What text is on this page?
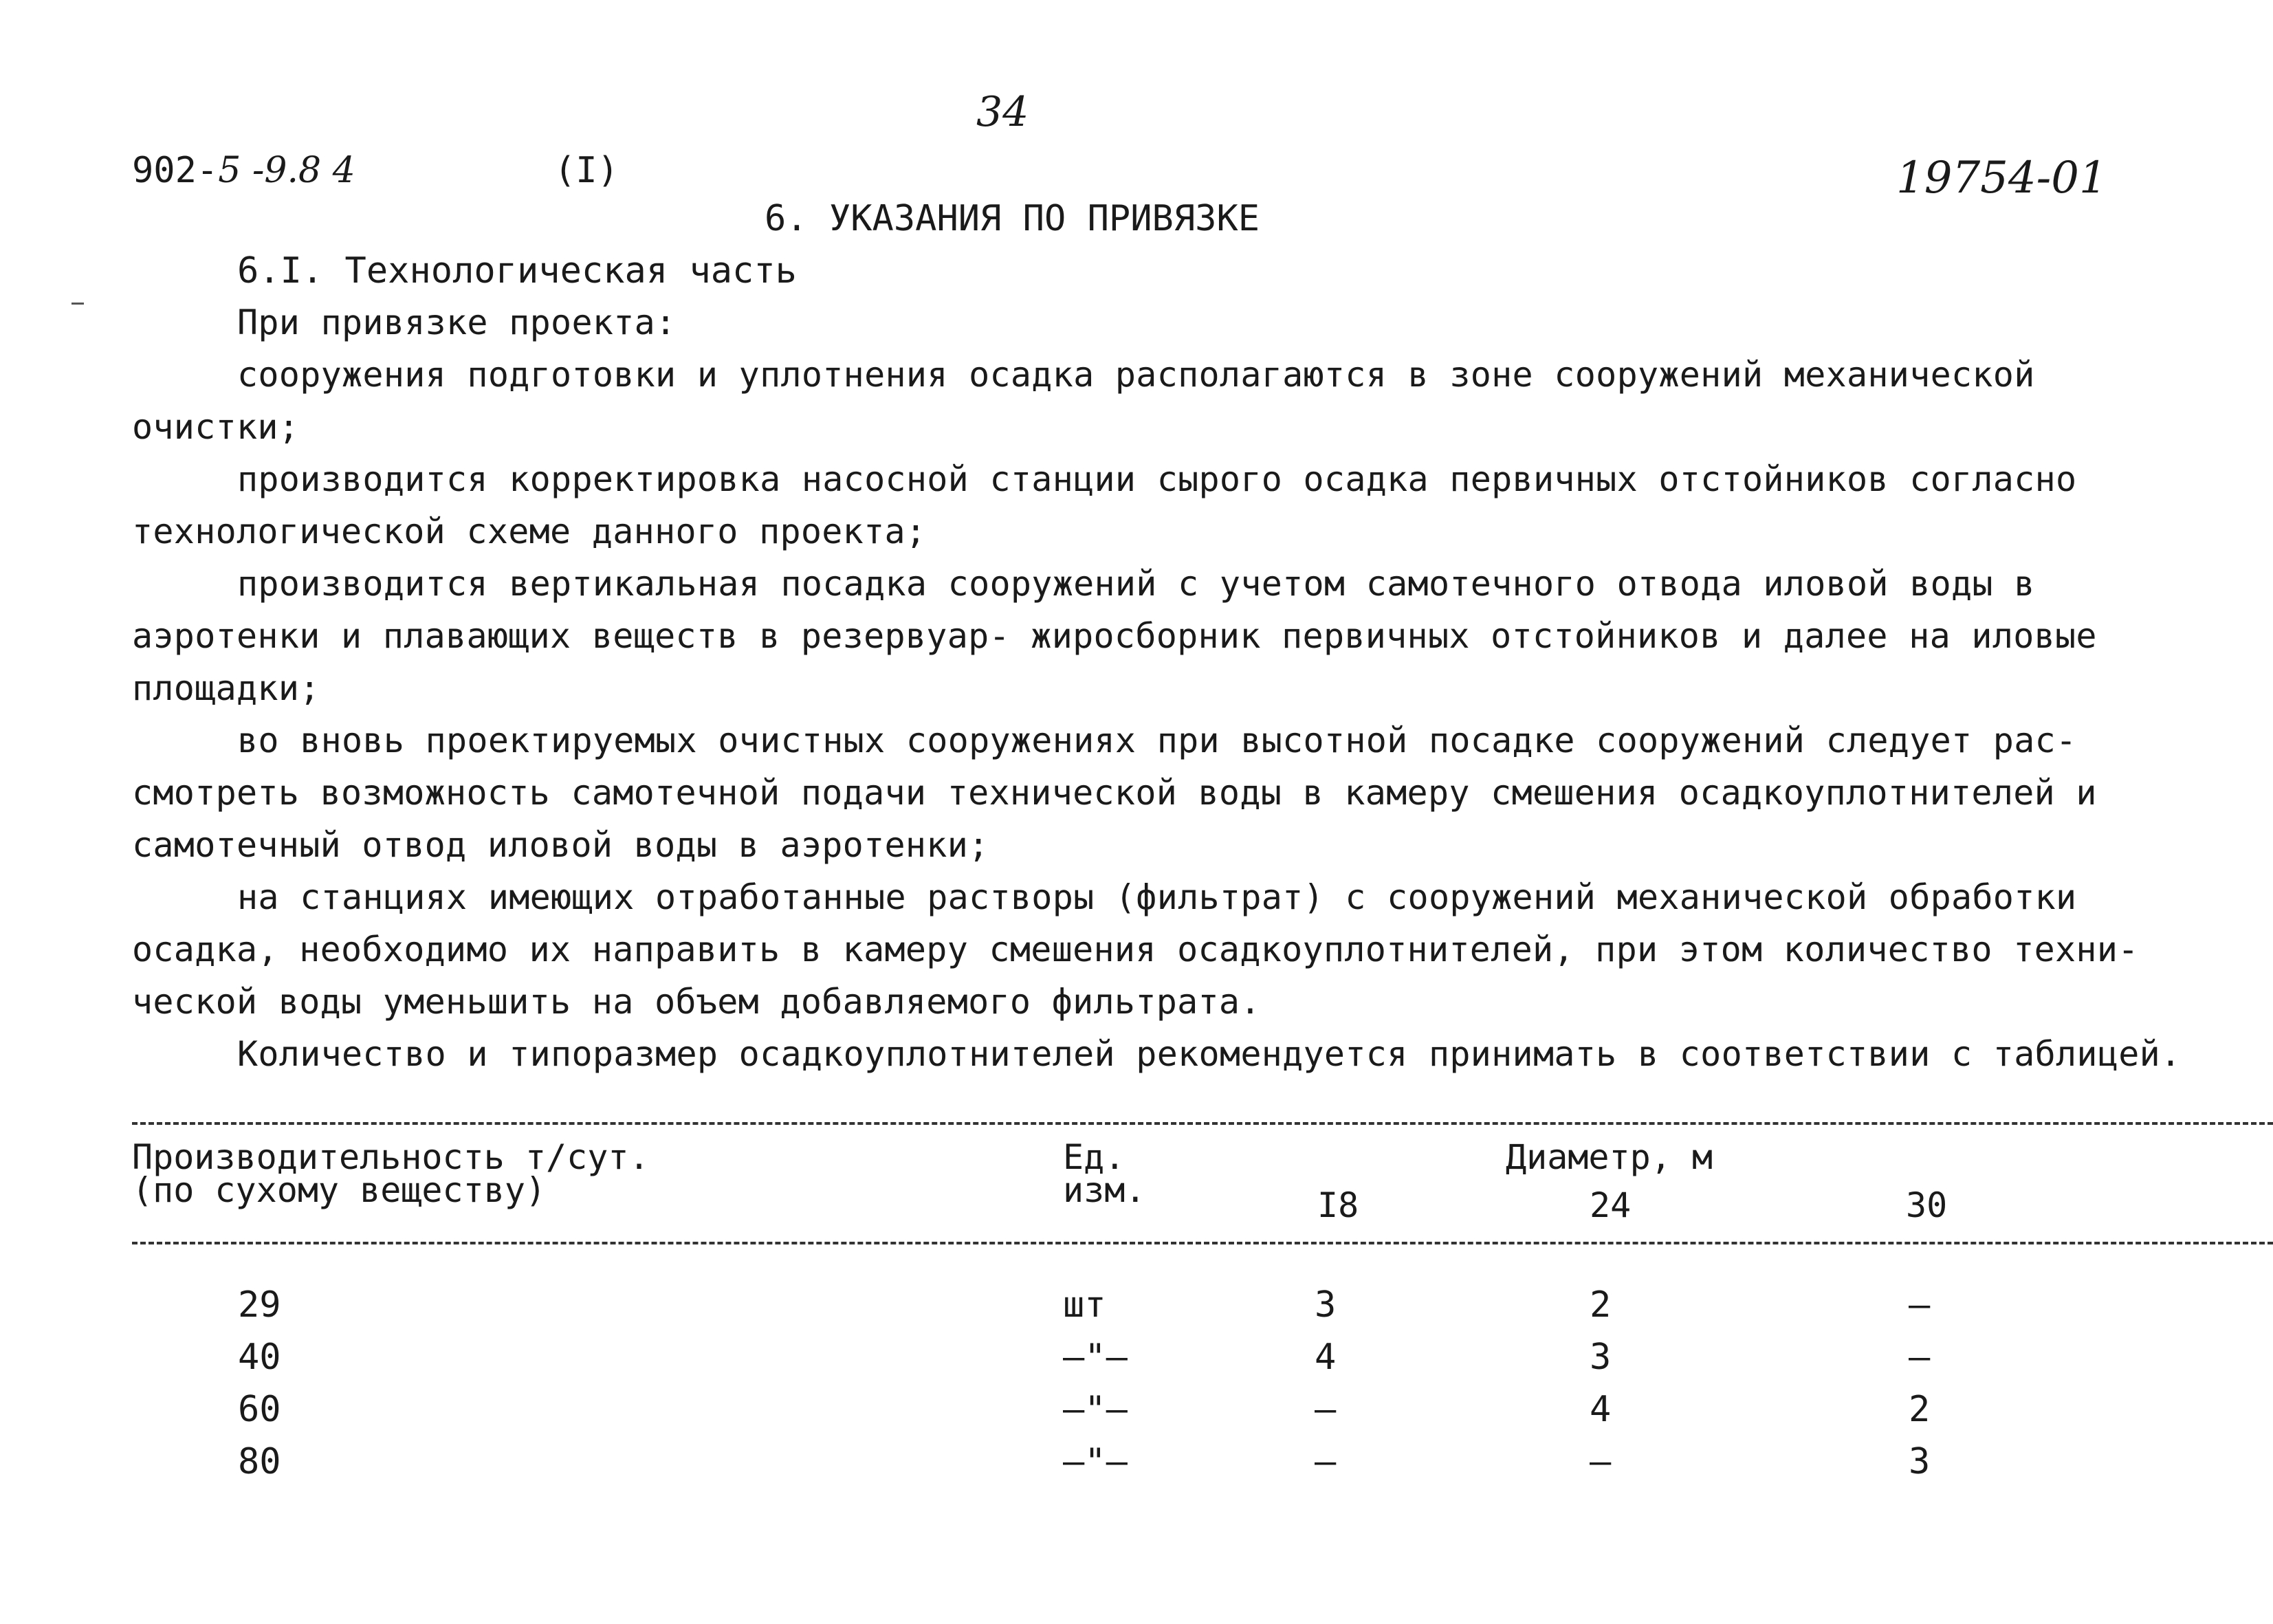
34
902-5 -9.8 4	(I)	19754-01
6. УКАЗАНИЯ ПО ПРИВЯЗКЕ
6.I. Технологическая часть
При привязке проекта:
сооружения подготовки и уплотнения осадка располагаются в зоне сооружений механической
очистки;
производится корректировка насосной станции сырого осадка первичных отстойников согласно
технологической схеме данного проекта;
производится вертикальная посадка сооружений с учетом самотечного отвода иловой воды в
аэротенки и плавающих веществ в резервуар- жиросборник первичных отстойников и далее на иловые
площадки;
во вновь проектируемых очистных сооружениях при высотной посадке сооружений следует рас-
смотреть возможность самотечной подачи технической воды в камеру смешения осадкоуплотнителей и
самотечный отвод иловой воды в аэротенки;
на станциях имеющих отработанные растворы (фильтрат) с сооружений механической обработки
осадка, необходимо их направить в камеру смешения осадкоуплотнителей, при этом количество техни-
ческой воды уменьшить на объем добавляемого фильтрата.
Количество и типоразмер осадкоуплотнителей рекомендуется принимать в соответствии с таблицей.
Производительность т/сут.
(по сухому веществу)
Ед.
изм.
Диаметр, м
I8	24	30
29	шт	3	2	–
40	–"–	4	3	–
60	–"–	–	4	2
80	–"–	–	–	3
